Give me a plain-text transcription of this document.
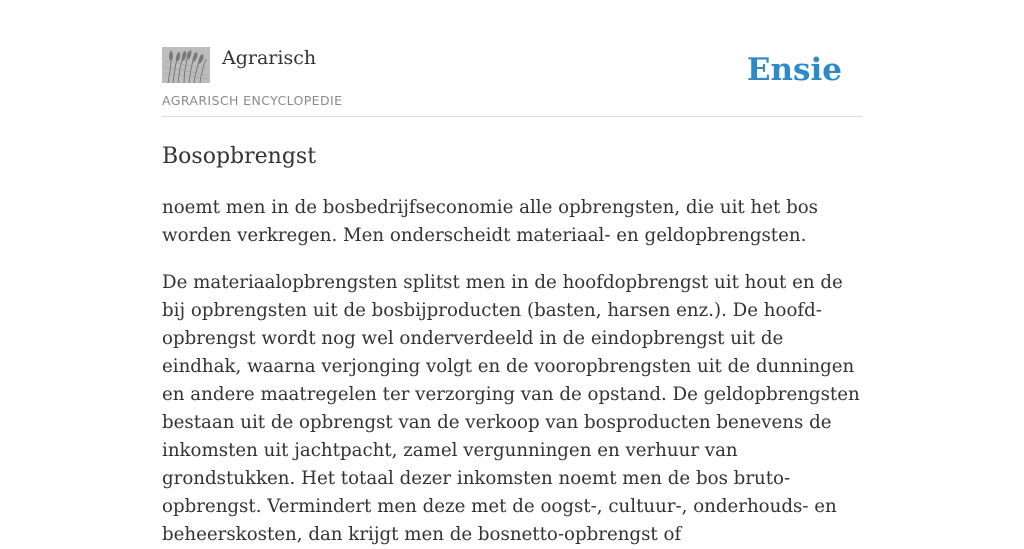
Agrarisch
AGRARISCH ENCYCLOPEDIE
Ensie
Bosopbrengst

noemt men in de bosbedrijfseconomie alle opbrengsten, die uit het bos worden verkregen. Men onderscheidt materiaal- en geldopbrengsten.

De materiaalopbrengsten splitst men in de hoofdopbrengst uit hout en de bij opbrengsten uit de bosbijproducten (basten, harsen enz.). De hoofd-opbrengst wordt nog wel onderverdeeld in de eindopbrengst uit de eindhak, waarna verjonging volgt en de vooropbrengsten uit de dunningen en andere maatregelen ter verzorging van de opstand. De geldopbrengsten bestaan uit de opbrengst van de verkoop van bosproducten benevens de inkomsten uit jachtpacht, zamel vergunningen en verhuur van grondstukken. Het totaal dezer inkomsten noemt men de bos bruto-opbrengst. Vermindert men deze met de oogst-, cultuur-, onderhouds- en beheerskosten, dan krijgt men de bosnetto-opbrengst of
